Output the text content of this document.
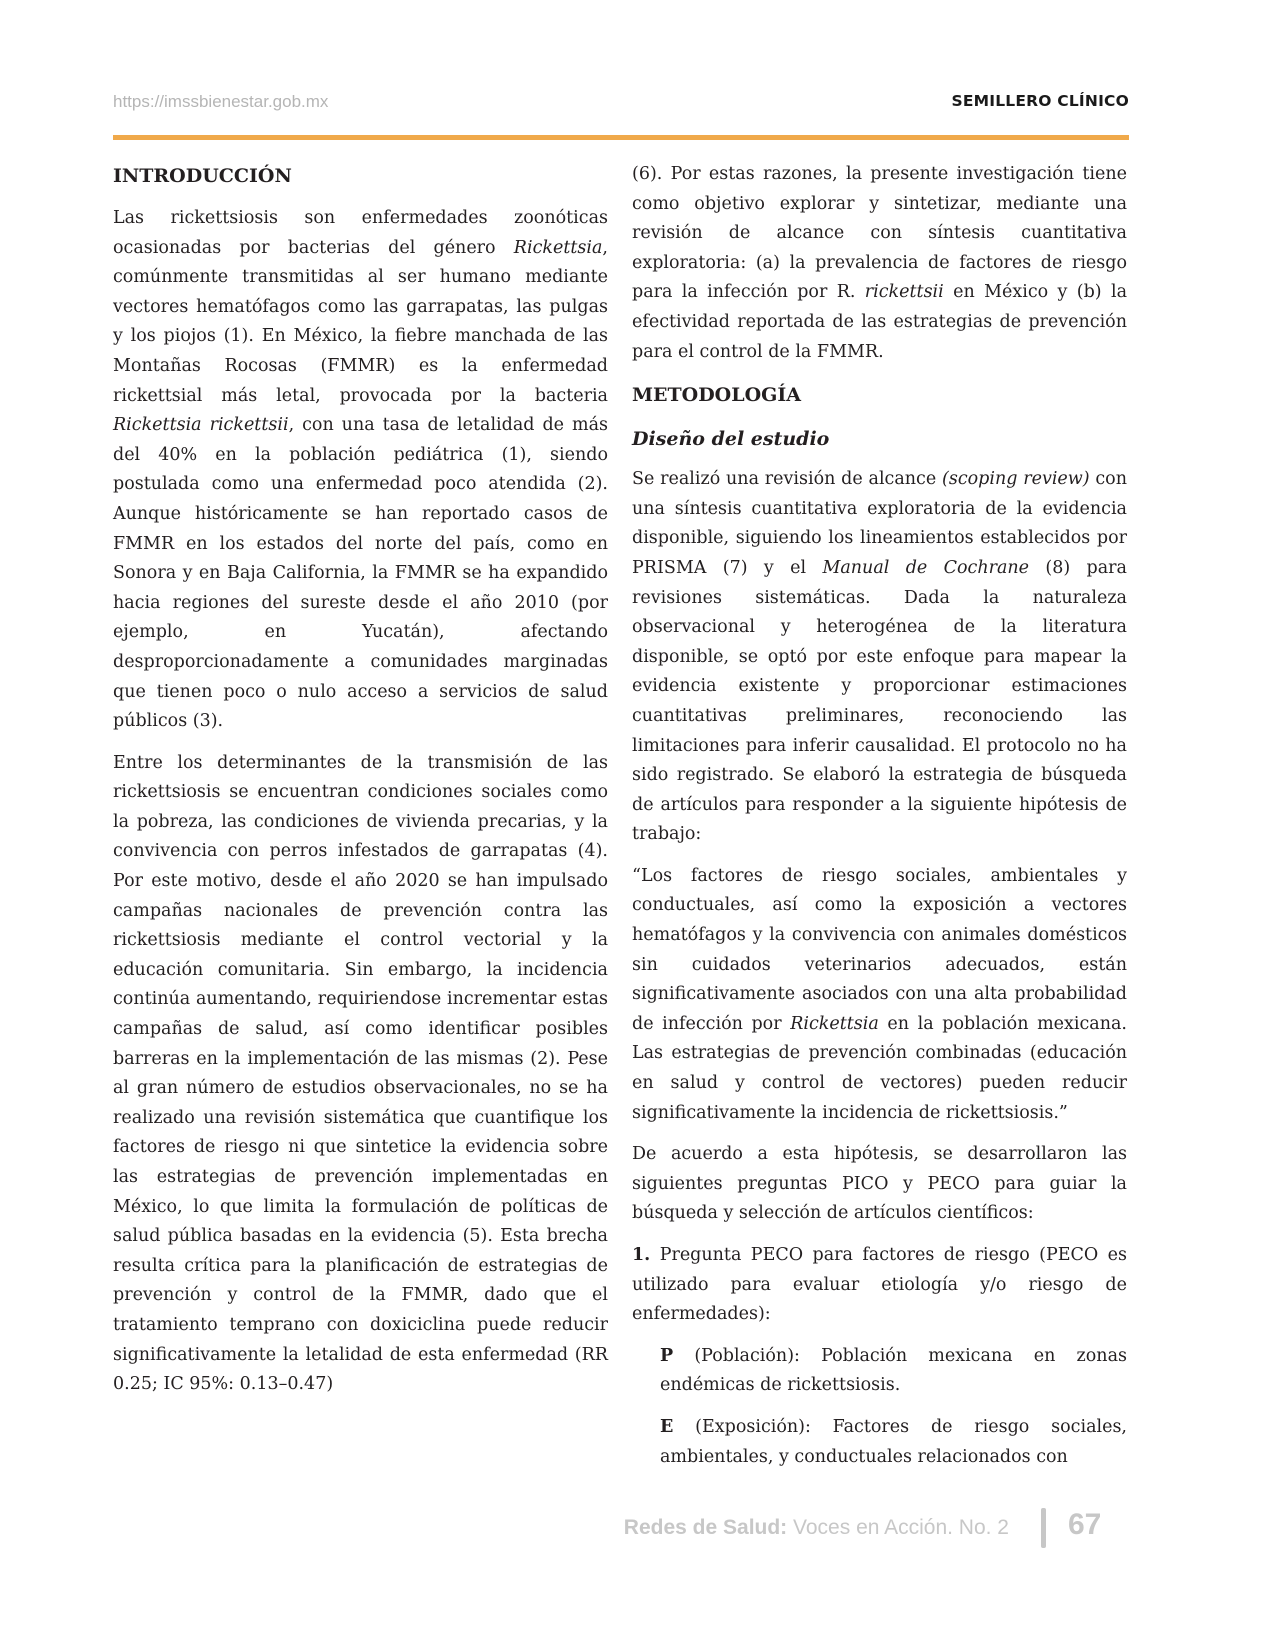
https://imssbienestar.gob.mx	SEMILLERO CLÍNICO
INTRODUCCIÓN

Las rickettsiosis son enfermedades zoonóticas ocasionadas por bacterias del género Rickettsia, comúnmente transmitidas al ser humano mediante vectores hematófagos como las garrapatas, las pulgas y los piojos (1). En México, la fiebre manchada de las Montañas Rocosas (FMMR) es la enfermedad rickettsial más letal, provocada por la bacteria Rickettsia rickettsii, con una tasa de letalidad de más del 40% en la población pediátrica (1), siendo postulada como una enfermedad poco atendida (2). Aunque históricamente se han reportado casos de FMMR en los estados del norte del país, como en Sonora y en Baja California, la FMMR se ha expandido hacia regiones del sureste desde el año 2010 (por ejemplo, en Yucatán), afectando desproporcionadamente a comunidades marginadas que tienen poco o nulo acceso a servicios de salud públicos (3).

Entre los determinantes de la transmisión de las rickettsiosis se encuentran condiciones sociales como la pobreza, las condiciones de vivienda precarias, y la convivencia con perros infestados de garrapatas (4). Por este motivo, desde el año 2020 se han impulsado campañas nacionales de prevención contra las rickettsiosis mediante el control vectorial y la educación comunitaria. Sin embargo, la incidencia continúa aumentando, requiriendose incrementar estas campañas de salud, así como identificar posibles barreras en la implementación de las mismas (2). Pese al gran número de estudios observacionales, no se ha realizado una revisión sistemática que cuantifique los factores de riesgo ni que sintetice la evidencia sobre las estrategias de prevención implementadas en México, lo que limita la formulación de políticas de salud pública basadas en la evidencia (5). Esta brecha resulta crítica para la planificación de estrategias de prevención y control de la FMMR, dado que el tratamiento temprano con doxiciclina puede reducir significativamente la letalidad de esta enfermedad (RR 0.25; IC 95%: 0.13–0.47)

(6). Por estas razones, la presente investigación tiene como objetivo explorar y sintetizar, mediante una revisión de alcance con síntesis cuantitativa exploratoria: (a) la prevalencia de factores de riesgo para la infección por R. rickettsii en México y (b) la efectividad reportada de las estrategias de prevención para el control de la FMMR.

METODOLOGÍA
Diseño del estudio

Se realizó una revisión de alcance (scoping review) con una síntesis cuantitativa exploratoria de la evidencia disponible, siguiendo los lineamientos establecidos por PRISMA (7) y el Manual de Cochrane (8) para revisiones sistemáticas. Dada la naturaleza observacional y heterogénea de la literatura disponible, se optó por este enfoque para mapear la evidencia existente y proporcionar estimaciones cuantitativas preliminares, reconociendo las limitaciones para inferir causalidad. El protocolo no ha sido registrado. Se elaboró la estrategia de búsqueda de artículos para responder a la siguiente hipótesis de trabajo:

“Los factores de riesgo sociales, ambientales y conductuales, así como la exposición a vectores hematófagos y la convivencia con animales domésticos sin cuidados veterinarios adecuados, están significativamente asociados con una alta probabilidad de infección por Rickettsia en la población mexicana. Las estrategias de prevención combinadas (educación en salud y control de vectores) pueden reducir significativamente la incidencia de rickettsiosis.”

De acuerdo a esta hipótesis, se desarrollaron las siguientes preguntas PICO y PECO para guiar la búsqueda y selección de artículos científicos:

1. Pregunta PECO para factores de riesgo (PECO es utilizado para evaluar etiología y/o riesgo de enfermedades):

P (Población): Población mexicana en zonas endémicas de rickettsiosis.

E (Exposición): Factores de riesgo sociales, ambientales, y conductuales relacionados con

Redes de Salud: Voces en Acción. No. 2 67
